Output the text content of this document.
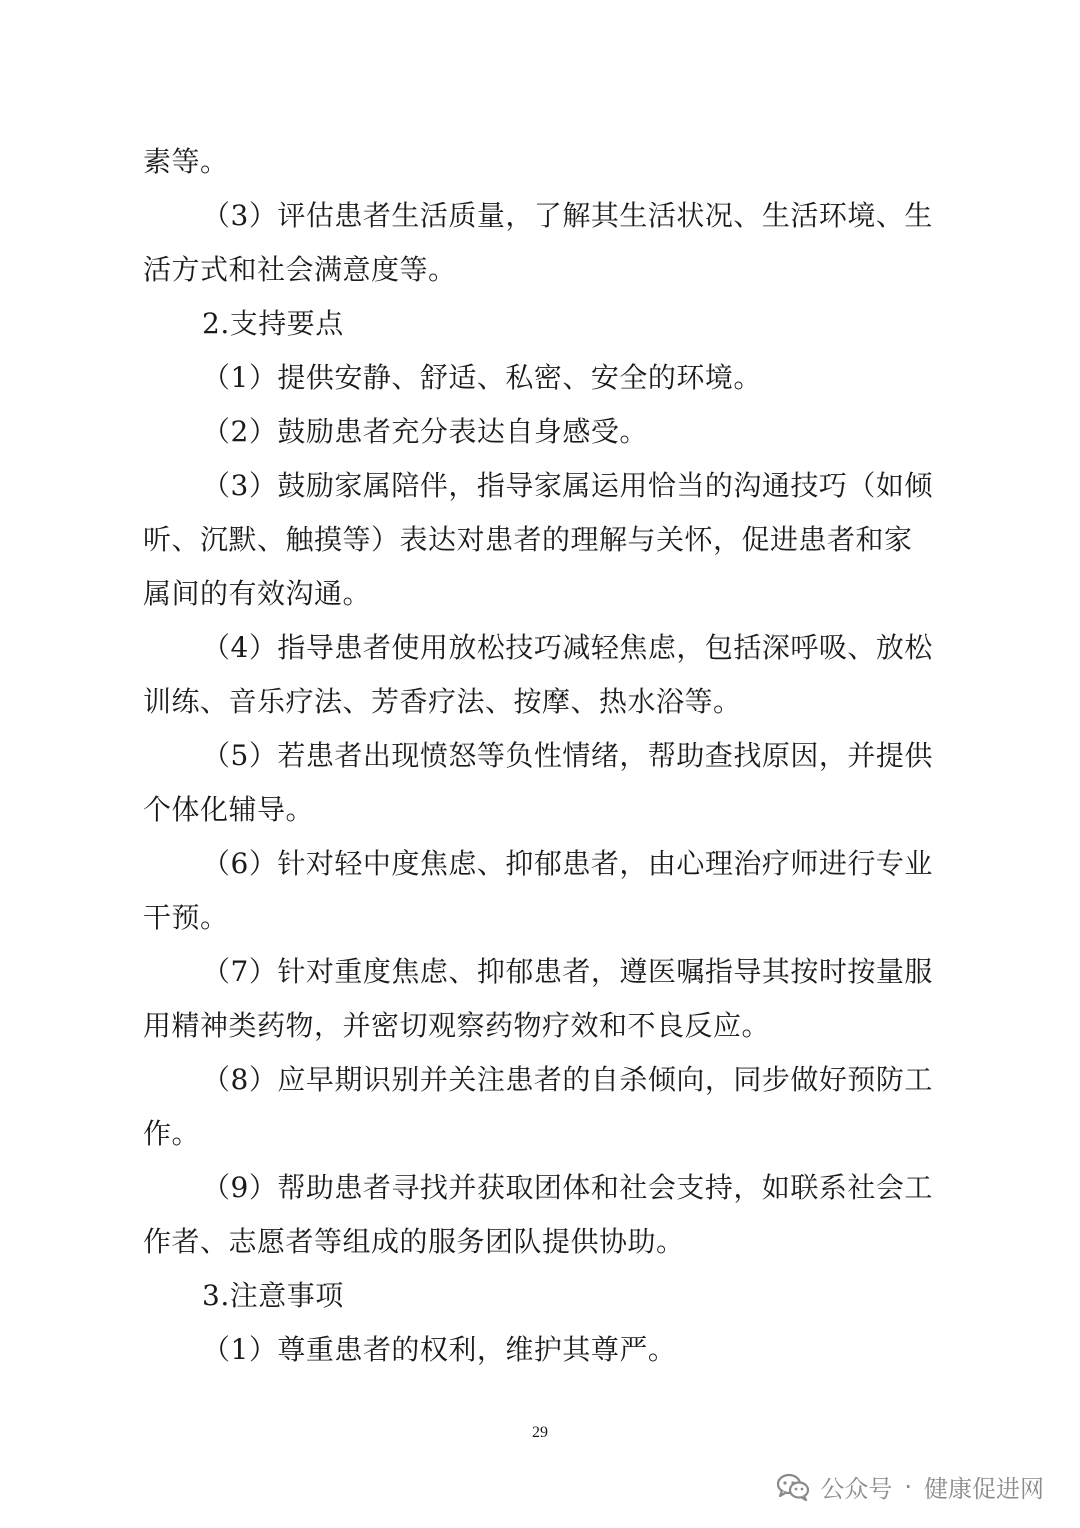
素等。
（3）评估患者生活质量，了解其生活状况、生活环境、生
活方式和社会满意度等。
2.支持要点
（1）提供安静、舒适、私密、安全的环境。
（2）鼓励患者充分表达自身感受。
（3）鼓励家属陪伴，指导家属运用恰当的沟通技巧（如倾
听、沉默、触摸等）表达对患者的理解与关怀，促进患者和家
属间的有效沟通。
（4）指导患者使用放松技巧减轻焦虑，包括深呼吸、放松
训练、音乐疗法、芳香疗法、按摩、热水浴等。
（5）若患者出现愤怒等负性情绪，帮助查找原因，并提供
个体化辅导。
（6）针对轻中度焦虑、抑郁患者，由心理治疗师进行专业
干预。
（7）针对重度焦虑、抑郁患者，遵医嘱指导其按时按量服
用精神类药物，并密切观察药物疗效和不良反应。
（8）应早期识别并关注患者的自杀倾向，同步做好预防工
作。
（9）帮助患者寻找并获取团体和社会支持，如联系社会工
作者、志愿者等组成的服务团队提供协助。
3.注意事项
（1）尊重患者的权利，维护其尊严。
29
公众号 · 健康促进网
